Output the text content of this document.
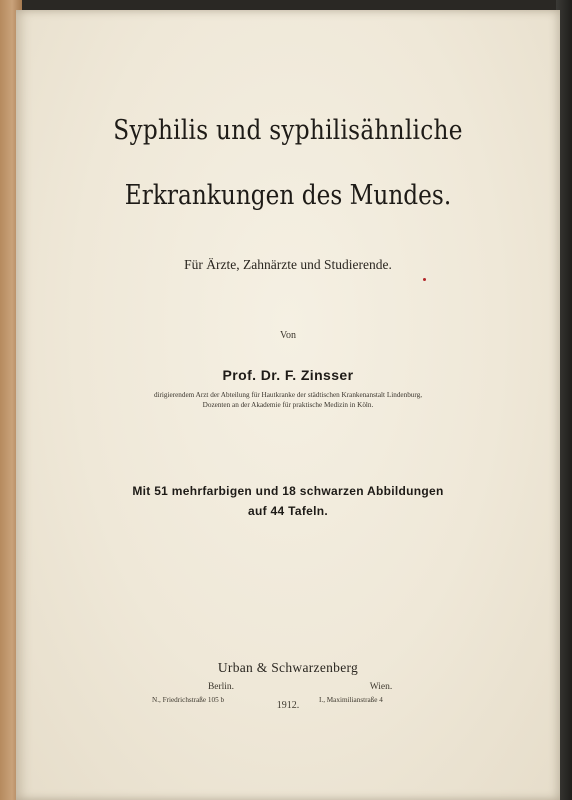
Syphilis und syphilisähnliche
Erkrankungen des Mundes.
Für Ärzte, Zahnärzte und Studierende.
Von
Prof. Dr. F. Zinsser
dirigierendem Arzt der Abteilung für Hautkranke der städtischen Krankenanstalt Lindenburg,
Dozenten an der Akademie für praktische Medizin in Köln.
Mit 51 mehrfarbigen und 18 schwarzen Abbildungen
auf 44 Tafeln.
Urban & Schwarzenberg
Berlin.
N., Friedrichstraße 105 b
Wien.
I., Maximilianstraße 4
1912.
